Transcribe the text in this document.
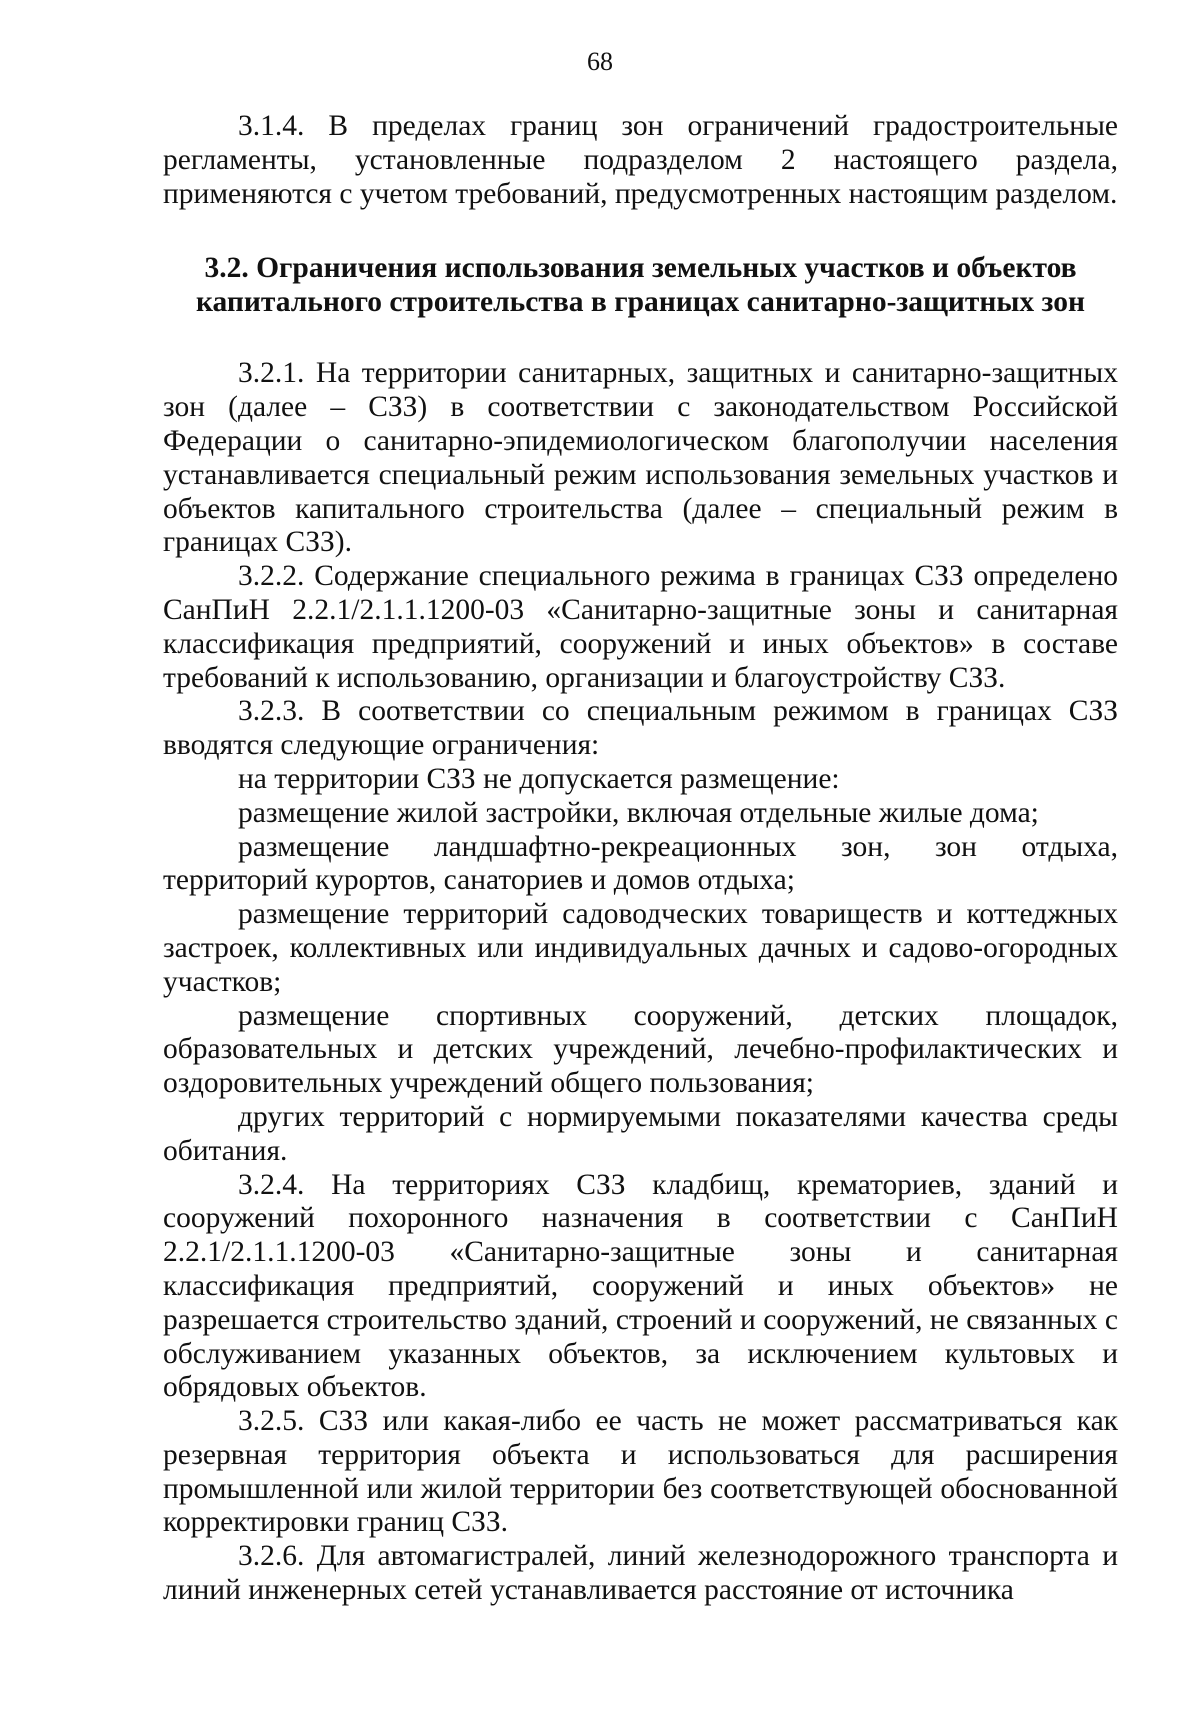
68

3.1.4. В пределах границ зон ограничений градостроительные регламенты, установленные подразделом 2 настоящего раздела, применяются с учетом требований, предусмотренных настоящим разделом.

3.2. Ограничения использования земельных участков и объектов
капитального строительства в границах санитарно-защитных зон

3.2.1. На территории санитарных, защитных и санитарно-защитных зон (далее – СЗЗ) в соответствии с законодательством Российской Федерации о санитарно-эпидемиологическом благополучии населения устанавливается специальный режим использования земельных участков и объектов капитального строительства (далее – специальный режим в границах СЗЗ).

3.2.2. Содержание специального режима в границах СЗЗ определено СанПиН 2.2.1/2.1.1.1200-03 «Санитарно-защитные зоны и санитарная классификация предприятий, сооружений и иных объектов» в составе требований к использованию, организации и благоустройству СЗЗ.

3.2.3. В соответствии со специальным режимом в границах СЗЗ вводятся следующие ограничения:

на территории СЗЗ не допускается размещение:

размещение жилой застройки, включая отдельные жилые дома;

размещение ландшафтно-рекреационных зон, зон отдыха, территорий курортов, санаториев и домов отдыха;

размещение территорий садоводческих товариществ и коттеджных застроек, коллективных или индивидуальных дачных и садово-огородных участков;

размещение спортивных сооружений, детских площадок, образовательных и детских учреждений, лечебно-профилактических и оздоровительных учреждений общего пользования;

других территорий с нормируемыми показателями качества среды обитания.

3.2.4. На территориях СЗЗ кладбищ, крематориев, зданий и сооружений похоронного назначения в соответствии с СанПиН 2.2.1/2.1.1.1200-03 «Санитарно-защитные зоны и санитарная классификация предприятий, сооружений и иных объектов» не разрешается строительство зданий, строений и сооружений, не связанных с обслуживанием указанных объектов, за исключением культовых и обрядовых объектов.

3.2.5. СЗЗ или какая-либо ее часть не может рассматриваться как резервная территория объекта и использоваться для расширения промышленной или жилой территории без соответствующей обоснованной корректировки границ СЗЗ.

3.2.6. Для автомагистралей, линий железнодорожного транспорта и линий инженерных сетей устанавливается расстояние от источника
